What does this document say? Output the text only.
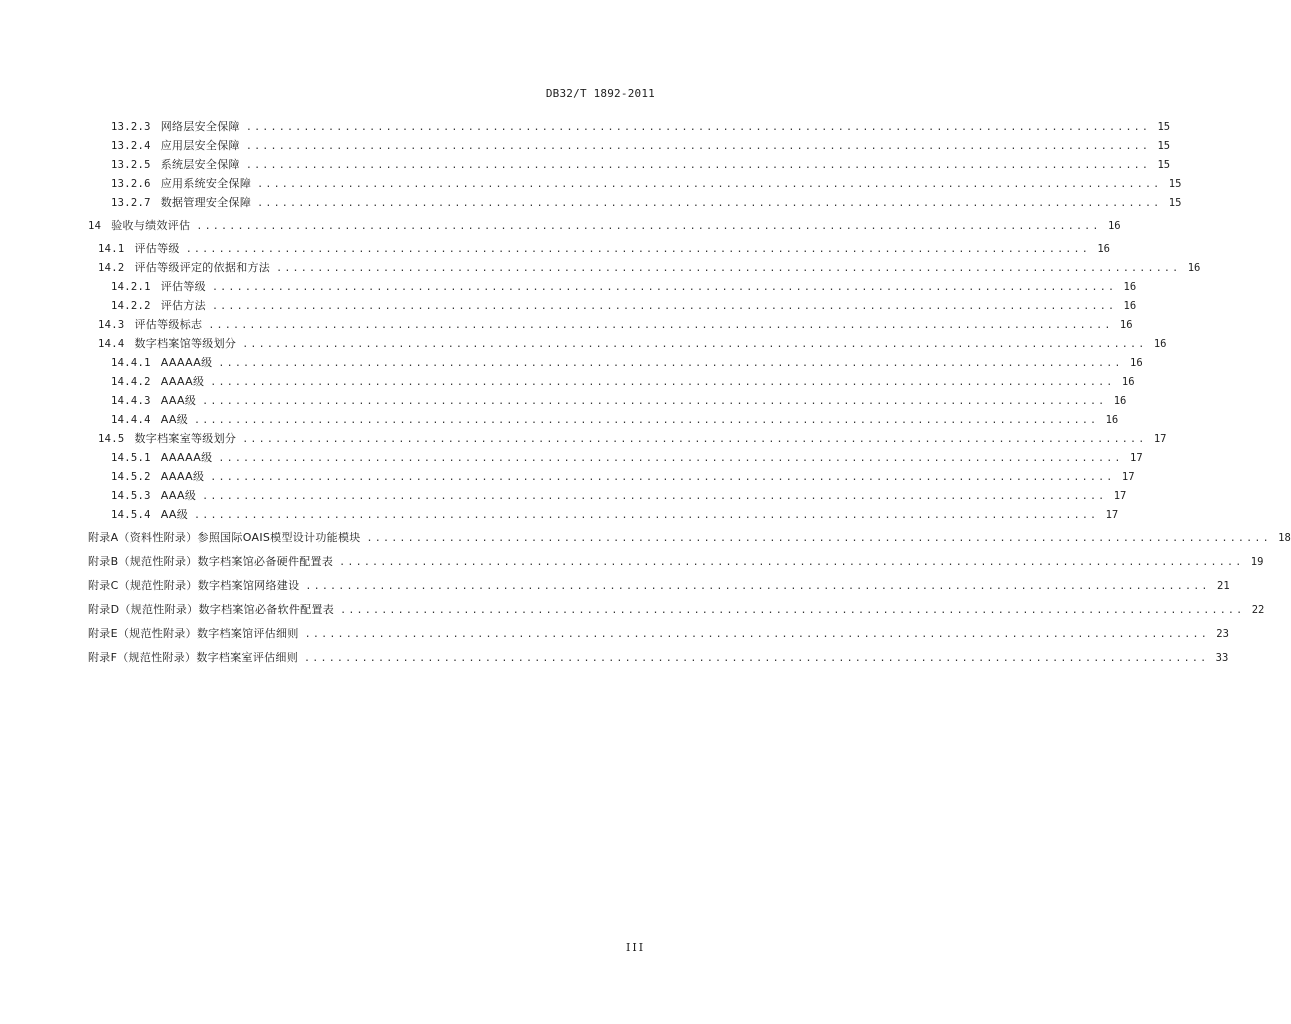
DB32/T 1892-2011
13.2.3 网络层安全保障 .............................................................................................................. 15
13.2.4 应用层安全保障 .............................................................................................................. 15
13.2.5 系统层安全保障 .............................................................................................................. 15
13.2.6 应用系统安全保障 .............................................................................................................. 15
13.2.7 数据管理安全保障 .............................................................................................................. 15
14 验收与绩效评估 .............................................................................................................. 16
14.1 评估等级 .............................................................................................................. 16
14.2 评估等级评定的依据和方法 .............................................................................................................. 16
14.2.1 评估等级 .............................................................................................................. 16
14.2.2 评估方法 .............................................................................................................. 16
14.3 评估等级标志 .............................................................................................................. 16
14.4 数字档案馆等级划分 .............................................................................................................. 16
14.4.1 AAAAA级 .............................................................................................................. 16
14.4.2 AAAA级 .............................................................................................................. 16
14.4.3 AAA级 .............................................................................................................. 16
14.4.4 AA级 .............................................................................................................. 16
14.5 数字档案室等级划分 .............................................................................................................. 17
14.5.1 AAAAA级 .............................................................................................................. 17
14.5.2 AAAA级 .............................................................................................................. 17
14.5.3 AAA级 .............................................................................................................. 17
14.5.4 AA级 .............................................................................................................. 17
附录A（资料性附录） 参照国际OAIS模型设计功能模块 .............................................................................................................. 18
附录B（规范性附录） 数字档案馆必备硬件配置表 .............................................................................................................. 19
附录C（规范性附录） 数字档案馆网络建设 .............................................................................................................. 21
附录D（规范性附录） 数字档案馆必备软件配置表 .............................................................................................................. 22
附录E（规范性附录） 数字档案馆评估细则 .............................................................................................................. 23
附录F（规范性附录） 数字档案室评估细则 .............................................................................................................. 33
III
